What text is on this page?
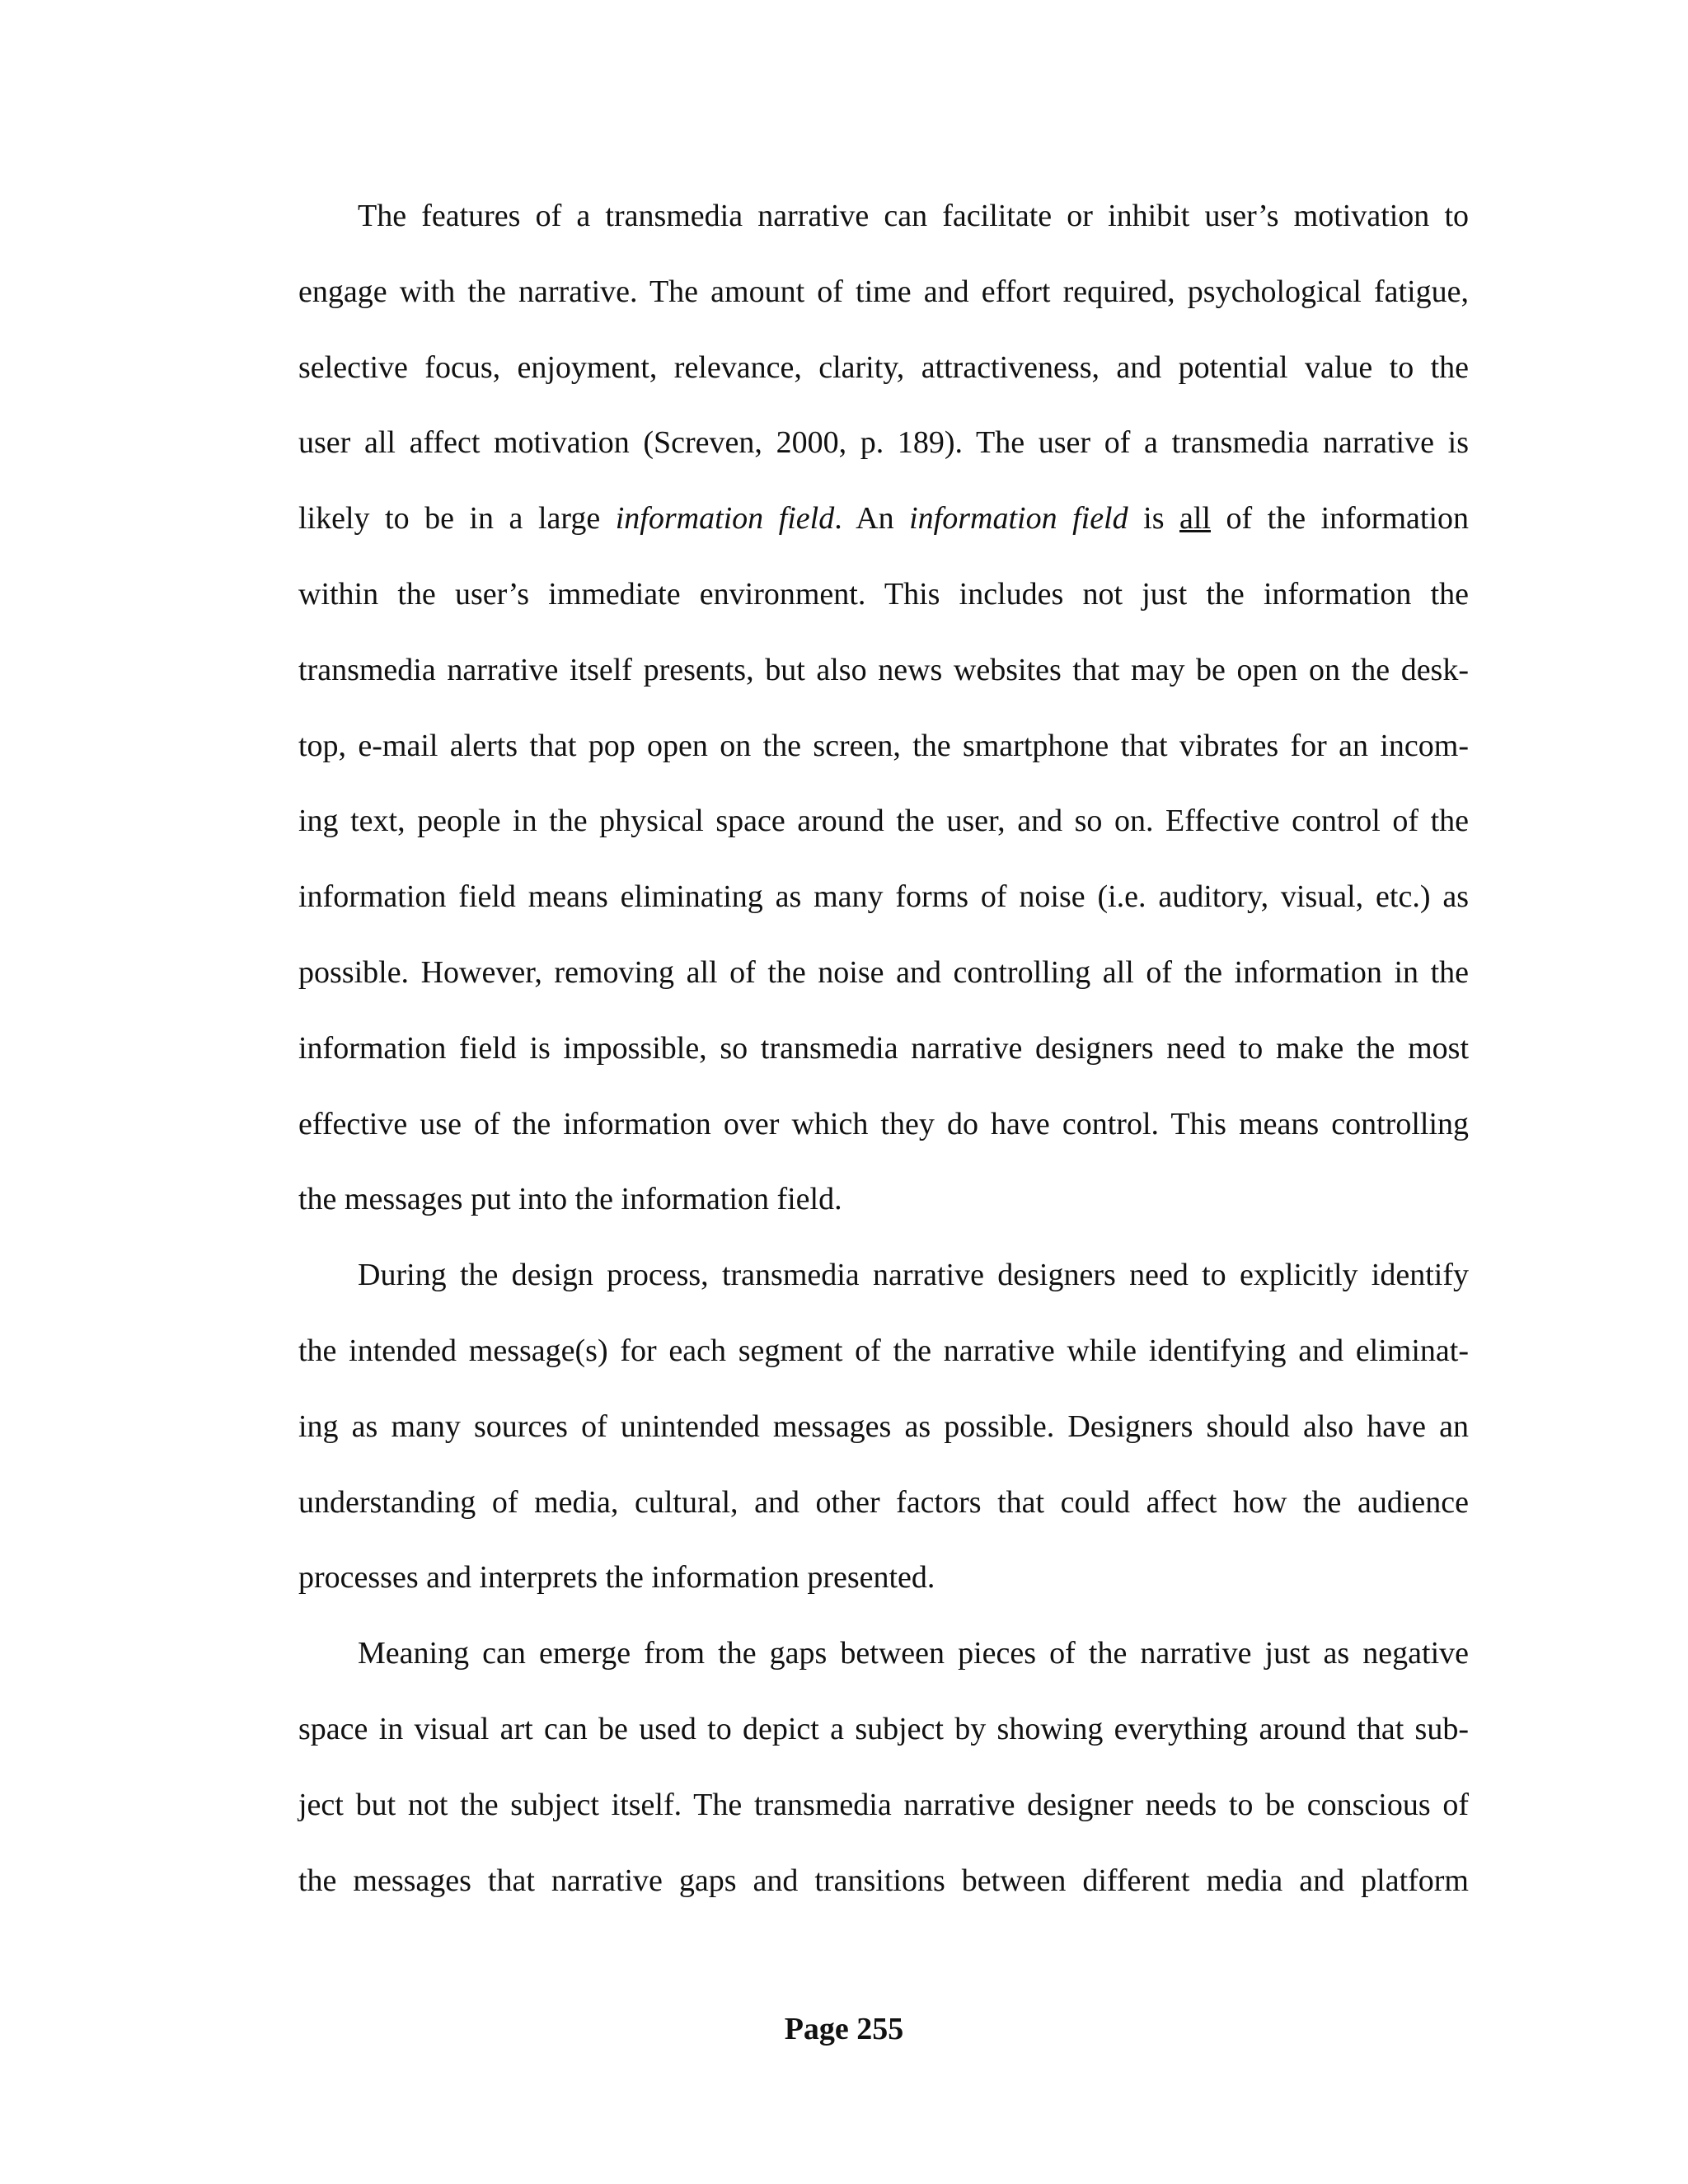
The features of a transmedia narrative can facilitate or inhibit user’s motivation to
engage with the narrative. The amount of time and effort required, psychological fatigue,
selective focus, enjoyment, relevance, clarity, attractiveness, and potential value to the
user all affect motivation (Screven, 2000, p. 189). The user of a transmedia narrative is
likely to be in a large information field. An information field is all of the information
within the user’s immediate environment. This includes not just the information the
transmedia narrative itself presents, but also news websites that may be open on the desk-
top, e-mail alerts that pop open on the screen, the smartphone that vibrates for an incom-
ing text, people in the physical space around the user, and so on. Effective control of the
information field means eliminating as many forms of noise (i.e. auditory, visual, etc.) as
possible. However, removing all of the noise and controlling all of the information in the
information field is impossible, so transmedia narrative designers need to make the most
effective use of the information over which they do have control. This means controlling
the messages put into the information field.
During the design process, transmedia narrative designers need to explicitly identify
the intended message(s) for each segment of the narrative while identifying and eliminat-
ing as many sources of unintended messages as possible. Designers should also have an
understanding of media, cultural, and other factors that could affect how the audience
processes and interprets the information presented.
Meaning can emerge from the gaps between pieces of the narrative just as negative
space in visual art can be used to depict a subject by showing everything around that sub-
ject but not the subject itself. The transmedia narrative designer needs to be conscious of
the messages that narrative gaps and transitions between different media and platform
Page 255
